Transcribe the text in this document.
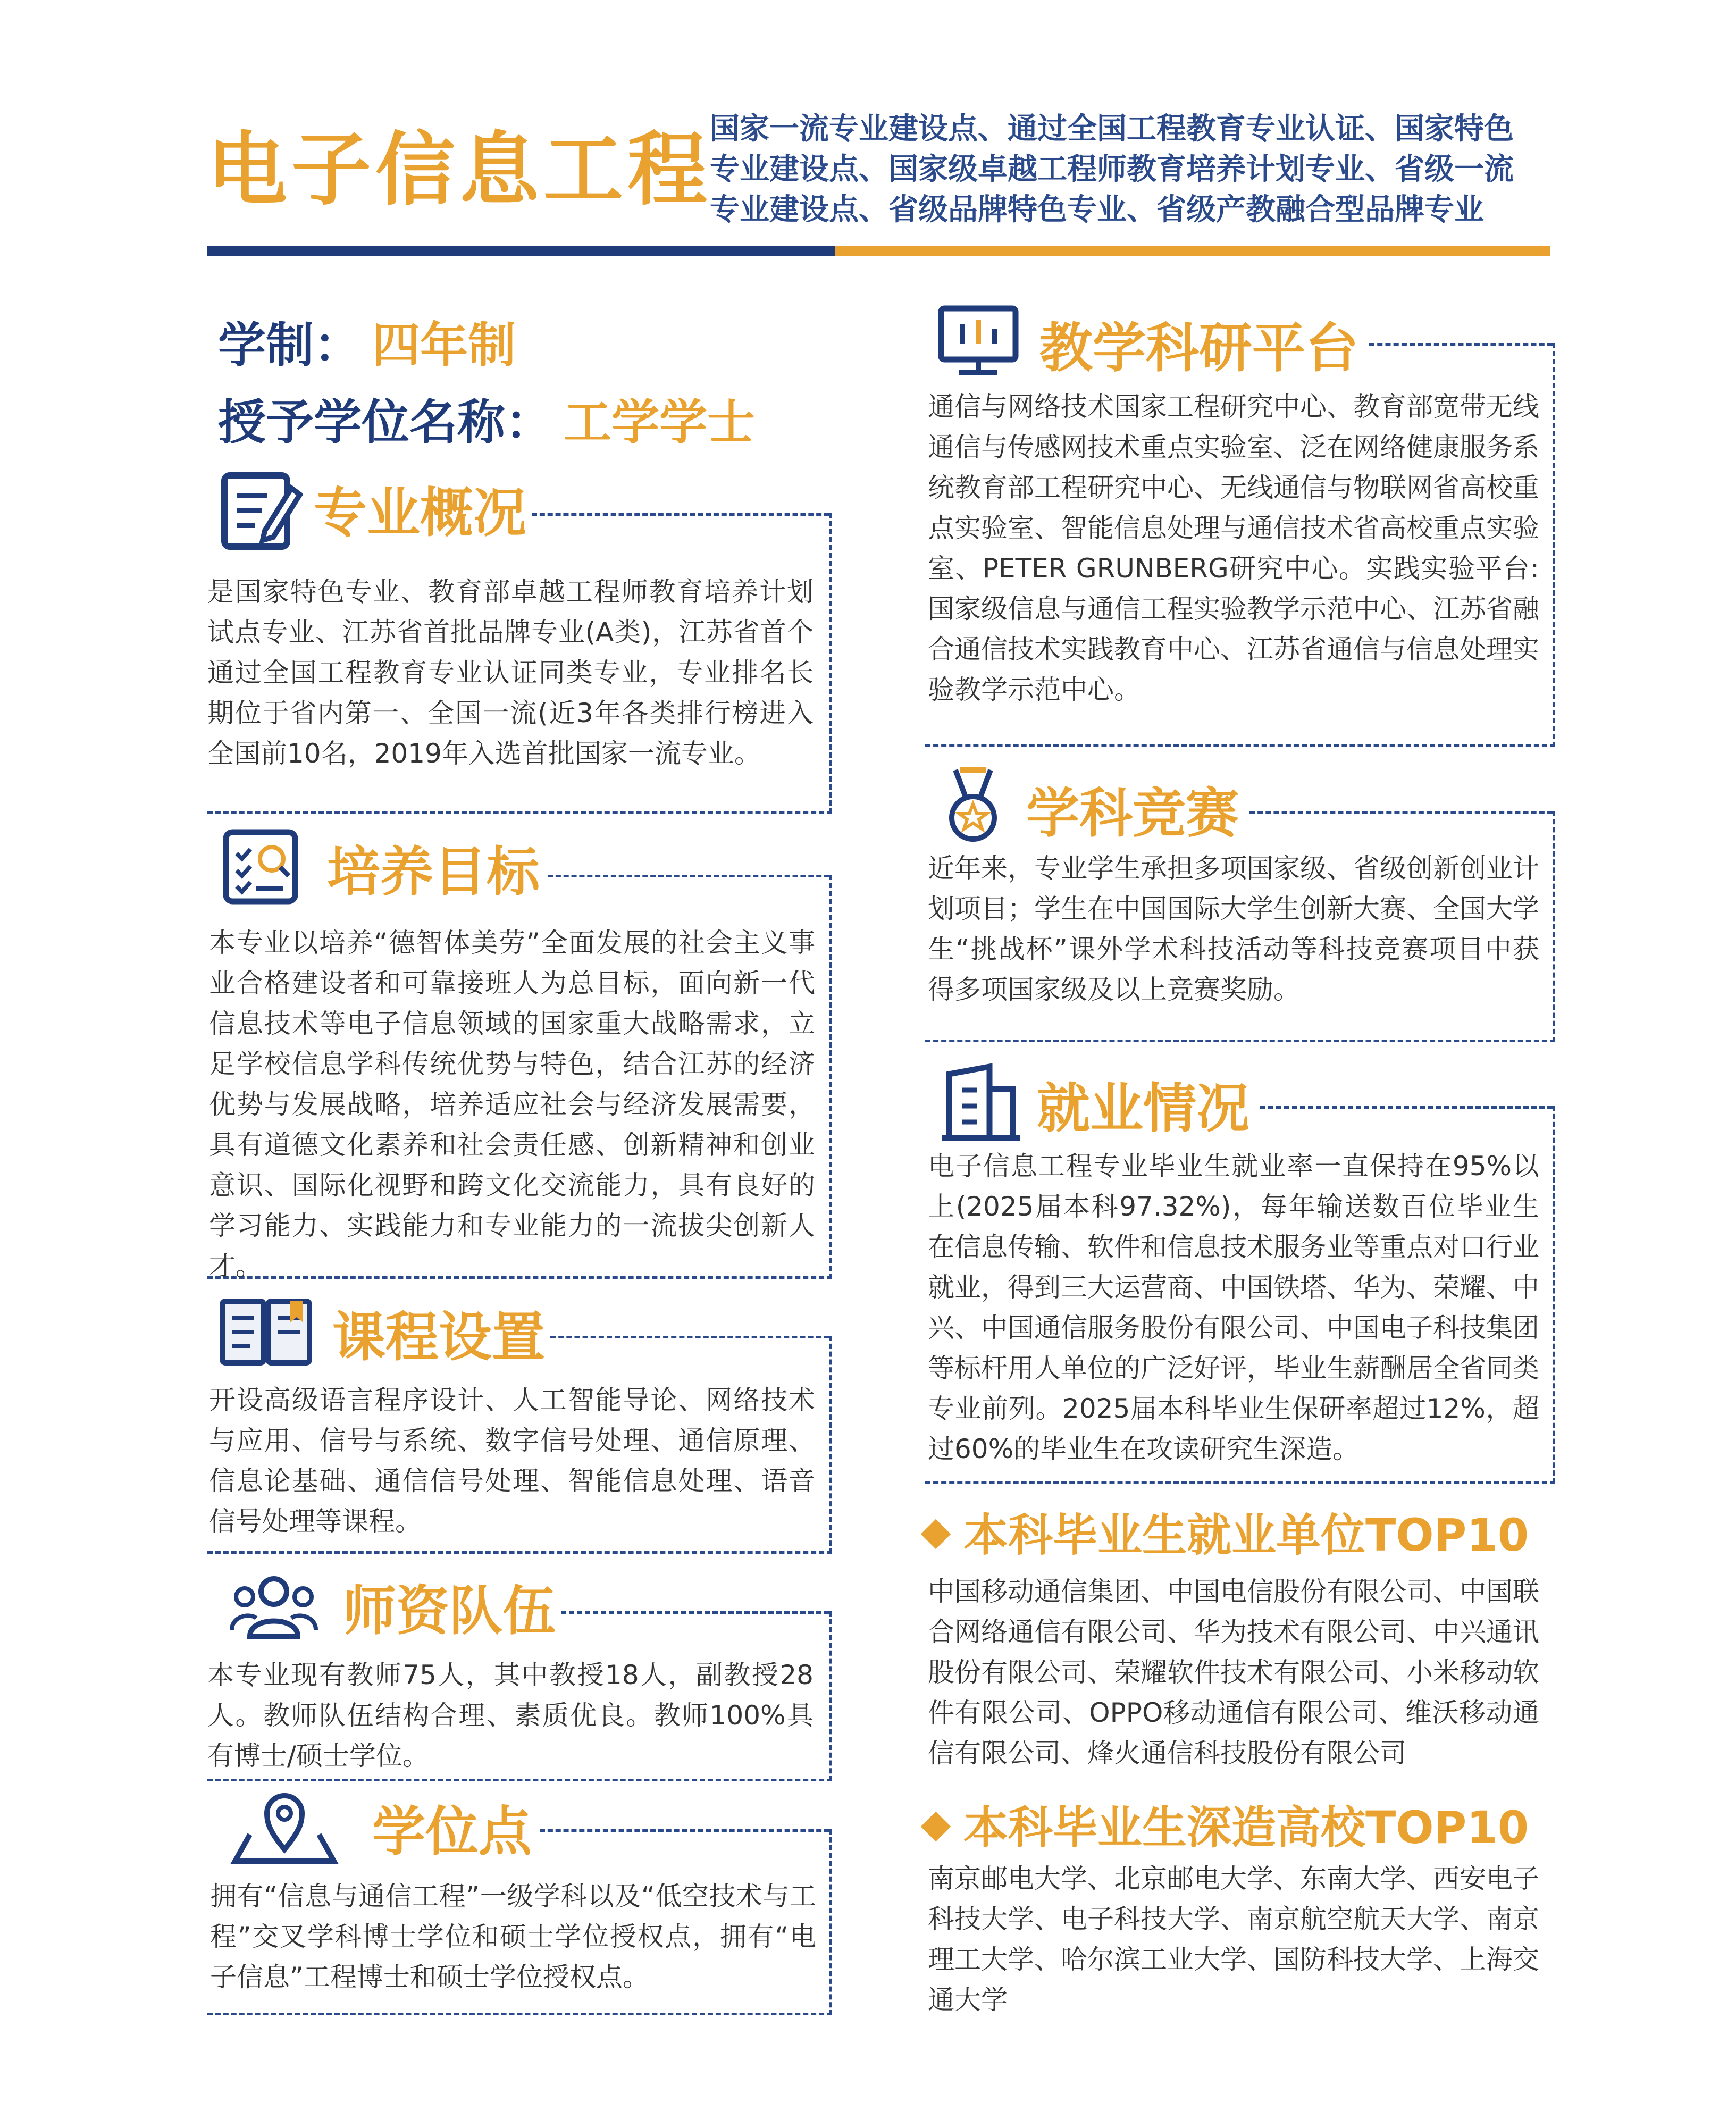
电子信息工程
国家一流专业建设点、通过全国工程教育专业认证、国家特色专业建设点、国家级卓越工程师教育培养计划专业、省级一流专业建设点、省级品牌特色专业、省级产教融合型品牌专业
学制： 四年制
授予学位名称： 工学学士
专业概况
是国家特色专业、教育部卓越工程师教育培养计划试点专业、江苏省首批品牌专业(A类)，江苏省首个通过全国工程教育专业认证同类专业，专业排名长期位于省内第一、全国一流(近3年各类排行榜进入全国前10名，2019年入选首批国家一流专业。
培养目标
本专业以培养“德智体美劳”全面发展的社会主义事业合格建设者和可靠接班人为总目标，面向新一代信息技术等电子信息领域的国家重大战略需求，立足学校信息学科传统优势与特色，结合江苏的经济优势与发展战略，培养适应社会与经济发展需要，具有道德文化素养和社会责任感、创新精神和创业意识、国际化视野和跨文化交流能力，具有良好的学习能力、实践能力和专业能力的一流拔尖创新人才。
课程设置
开设高级语言程序设计、人工智能导论、网络技术与应用、信号与系统、数字信号处理、通信原理、信息论基础、通信信号处理、智能信息处理、语音信号处理等课程。
师资队伍
本专业现有教师75人，其中教授18人，副教授28人。教师队伍结构合理、素质优良。教师100%具有博士/硕士学位。
学位点
拥有“信息与通信工程”一级学科以及“低空技术与工程”交叉学科博士学位和硕士学位授权点，拥有“电子信息”工程博士和硕士学位授权点。
教学科研平台
通信与网络技术国家工程研究中心、教育部宽带无线通信与传感网技术重点实验室、泛在网络健康服务系统教育部工程研究中心、无线通信与物联网省高校重点实验室、智能信息处理与通信技术省高校重点实验室、PETER GRUNBERG研究中心。实践实验平台:国家级信息与通信工程实验教学示范中心、江苏省融合通信技术实践教育中心、江苏省通信与信息处理实验教学示范中心。
学科竞赛
近年来，专业学生承担多项国家级、省级创新创业计划项目；学生在中国国际大学生创新大赛、全国大学生“挑战杯”课外学术科技活动等科技竞赛项目中获得多项国家级及以上竞赛奖励。
就业情况
电子信息工程专业毕业生就业率一直保持在95%以上(2025届本科97.32%)，每年输送数百位毕业生在信息传输、软件和信息技术服务业等重点对口行业就业，得到三大运营商、中国铁塔、华为、荣耀、中兴、中国通信服务股份有限公司、中国电子科技集团等标杆用人单位的广泛好评，毕业生薪酬居全省同类专业前列。2025届本科毕业生保研率超过12%，超过60%的毕业生在攻读研究生深造。
本科毕业生就业单位TOP10
中国移动通信集团、中国电信股份有限公司、中国联合网络通信有限公司、华为技术有限公司、中兴通讯股份有限公司、荣耀软件技术有限公司、小米移动软件有限公司、OPPO移动通信有限公司、维沃移动通信有限公司、烽火通信科技股份有限公司
本科毕业生深造高校TOP10
南京邮电大学、北京邮电大学、东南大学、西安电子科技大学、电子科技大学、南京航空航天大学、南京理工大学、哈尔滨工业大学、国防科技大学、上海交通大学
